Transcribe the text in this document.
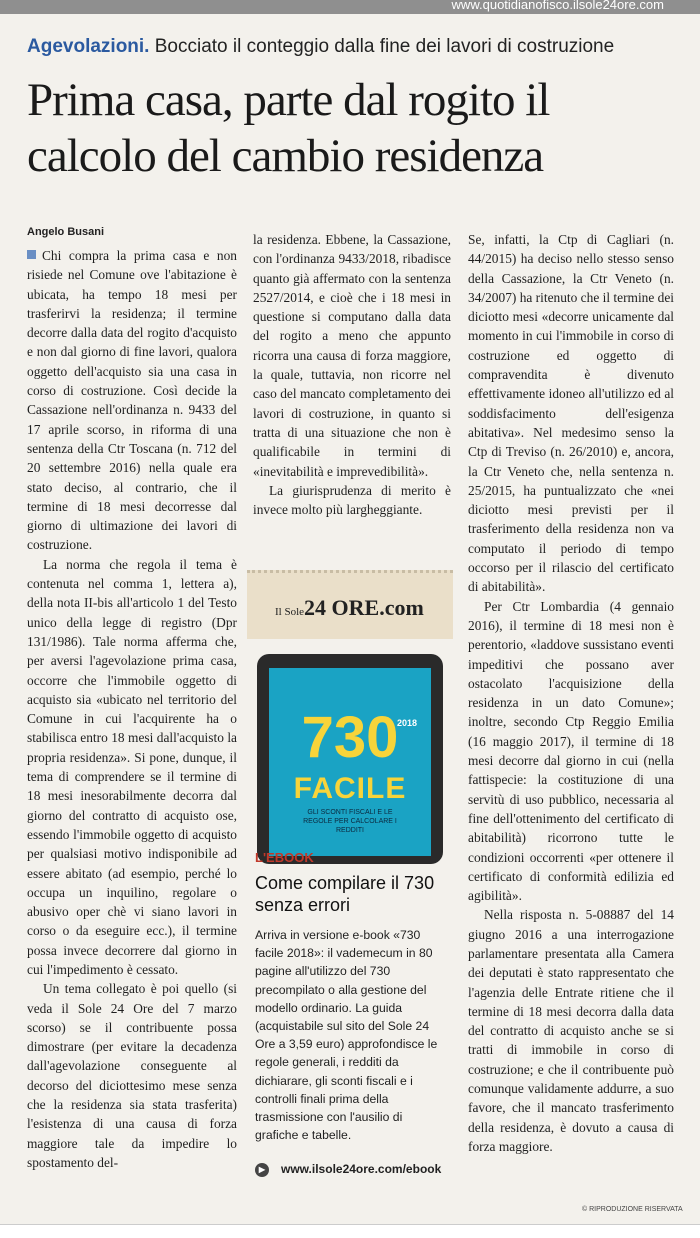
www.quotidianofisco.ilsole24ore.com
Agevolazioni. Bocciato il conteggio dalla fine dei lavori di costruzione
Prima casa, parte dal rogito il calcolo del cambio residenza
Angelo Busani

Chi compra la prima casa e non risiede nel Comune ove l'abitazione è ubicata, ha tempo 18 mesi per trasferirvi la residenza; il termine decorre dalla data del rogito d'acquisto e non dal giorno di fine lavori, qualora oggetto dell'acquisto sia una casa in corso di costruzione. Così decide la Cassazione nell'ordinanza n. 9433 del 17 aprile scorso, in riforma di una sentenza della Ctr Toscana (n. 712 del 20 settembre 2016) nella quale era stato deciso, al contrario, che il termine di 18 mesi decorresse dal giorno di ultimazione dei lavori di costruzione.

La norma che regola il tema è contenuta nel comma 1, lettera a), della nota II-bis all'articolo 1 del Testo unico della legge di registro (Dpr 131/1986). Tale norma afferma che, per aversi l'agevolazione prima casa, occorre che l'immobile oggetto di acquisto sia «ubicato nel territorio del Comune in cui l'acquirente ha o stabilisca entro 18 mesi dall'acquisto la propria residenza». Si pone, dunque, il tema di comprendere se il termine di 18 mesi inesorabilmente decorra dal giorno del contratto di acquisto ose, essendo l'immobile oggetto di acquisto per qualsiasi motivo indisponibile ad essere abitato (ad esempio, perché lo occupa un inquilino, regolare o abusivo oper chè vi siano lavori in corso o da eseguire ecc.), il termine possa invece decorrere dal giorno in cui l'impedimento è cessato.

Un tema collegato è poi quello (si veda il Sole 24 Ore del 7 marzo scorso) se il contribuente possa dimostrare (per evitare la decadenza dall'agevolazione conseguente al decorso del diciottesimo mese senza che la residenza sia stata trasferita) l'esistenza di una causa di forza maggiore tale da impedire lo spostamento del-

la residenza. Ebbene, la Cassazione, con l'ordinanza 9433/2018, ribadisce quanto già affermato con la sentenza 2527/2014, e cioè che i 18 mesi in questione si computano dalla data del rogito a meno che appunto ricorra una causa di forza maggiore, la quale, tuttavia, non ricorre nel caso del mancato completamento dei lavori di costruzione, in quanto si tratta di una situazione che non è qualificabile in termini di «inevitabilità e imprevedibilità».

La giurisprudenza di merito è invece molto più largheggiante.

Se, infatti, la Ctp di Cagliari (n. 44/2015) ha deciso nello stesso senso della Cassazione, la Ctr Veneto (n. 34/2007) ha ritenuto che il termine dei diciotto mesi «decorre unicamente dal momento in cui l'immobile in corso di costruzione ed oggetto di compravendita è divenuto effettivamente idoneo all'utilizzo ed al soddisfacimento dell'esigenza abitativa». Nel medesimo senso la Ctp di Treviso (n. 26/2010) e, ancora, la Ctr Veneto che, nella sentenza n. 25/2015, ha puntualizzato che «nei diciotto mesi previsti per il trasferimento della residenza non va computato il periodo di tempo occorso per il rilascio del certificato di abitabilità».

Per Ctr Lombardia (4 gennaio 2016), il termine di 18 mesi non è perentorio, «laddove sussistano eventi impeditivi che possano aver ostacolato l'acquisizione della residenza in un dato Comune»; inoltre, secondo Ctp Reggio Emilia (16 maggio 2017), il termine di 18 mesi decorre dal giorno in cui (nella fattispecie: la costituzione di una servitù di uso pubblico, necessaria al fine dell'ottenimento del certificato di abitabilità) ricorrono tutte le condizioni occorrenti «per ottenere il certificato di conformità edilizia ed agibilità».

Nella risposta n. 5-08887 del 14 giugno 2016 a una interrogazione parlamentare presentata alla Camera dei deputati è stato rappresentato che l'agenzia delle Entrate ritiene che il termine di 18 mesi decorra dalla data del contratto di acquisto anche se si tratti di immobile in corso di costruzione; e che il contribuente può comunque validamente addurre, a suo favore, che il mancato trasferimento della residenza, è dovuto a causa di forza maggiore.

Il Sole24 ORE.com
730
2018
FACILE
GLI SCONTI FISCALI E LE REGOLE PER CALCOLARE I REDDITI
L'EBOOK
Come compilare il 730 senza errori
Arriva in versione e-book «730 facile 2018»: il vademecum in 80 pagine all'utilizzo del 730 precompilato o alla gestione del modello ordinario. La guida (acquistabile sul sito del Sole 24 Ore a 3,59 euro) approfondisce le regole generali, i redditi da dichiarare, gli sconti fiscali e i controlli finali prima della trasmissione con l'ausilio di grafiche e tabelle.
▶ www.ilsole24ore.com/ebook
© RIPRODUZIONE RISERVATA
